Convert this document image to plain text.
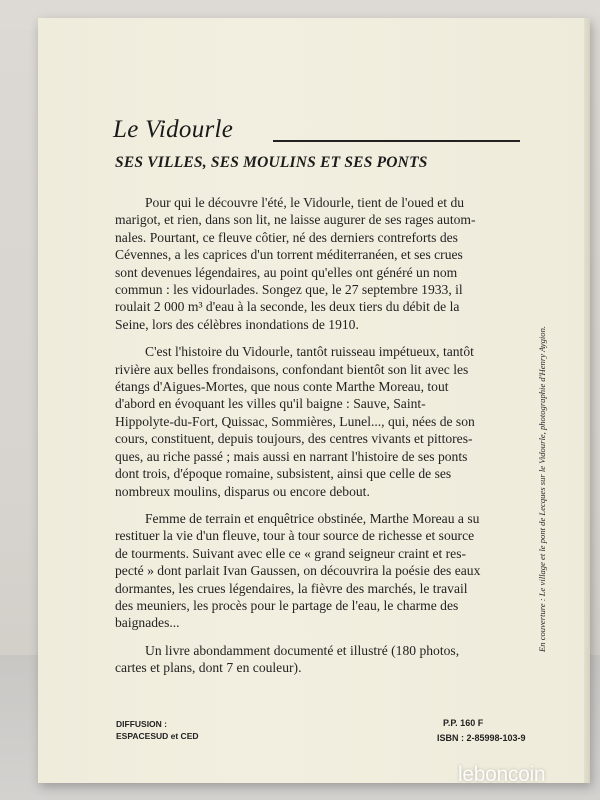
Le Vidourle
SES VILLES, SES MOULINS ET SES PONTS

Pour qui le découvre l'été, le Vidourle, tient de l'oued et du
marigot, et rien, dans son lit, ne laisse augurer de ses rages autom-
nales. Pourtant, ce fleuve côtier, né des derniers contreforts des
Cévennes, a les caprices d'un torrent méditerranéen, et ses crues
sont devenues légendaires, au point qu'elles ont généré un nom
commun : les vidourlades. Songez que, le 27 septembre 1933, il
roulait 2 000 m³ d'eau à la seconde, les deux tiers du débit de la
Seine, lors des célèbres inondations de 1910.

C'est l'histoire du Vidourle, tantôt ruisseau impétueux, tantôt
rivière aux belles frondaisons, confondant bientôt son lit avec les
étangs d'Aigues-Mortes, que nous conte Marthe Moreau, tout
d'abord en évoquant les villes qu'il baigne : Sauve, Saint-
Hippolyte-du-Fort, Quissac, Sommières, Lunel..., qui, nées de son
cours, constituent, depuis toujours, des centres vivants et pittores-
ques, au riche passé ; mais aussi en narrant l'histoire de ses ponts
dont trois, d'époque romaine, subsistent, ainsi que celle de ses
nombreux moulins, disparus ou encore debout.

Femme de terrain et enquêtrice obstinée, Marthe Moreau a su
restituer la vie d'un fleuve, tour à tour source de richesse et source
de tourments. Suivant avec elle ce « grand seigneur craint et res-
pecté » dont parlait Ivan Gaussen, on découvrira la poésie des eaux
dormantes, les crues légendaires, la fièvre des marchés, le travail
des meuniers, les procès pour le partage de l'eau, le charme des
baignades...

Un livre abondamment documenté et illustré (180 photos,
cartes et plans, dont 7 en couleur).

En couverture : Le village et le pont de Lecques sur le Vidourle, photographie d'Henry Aygion.
DIFFUSION :
ESPACESUD et CED
P.P. 160 F
ISBN : 2-85998-103-9
leboncoin
